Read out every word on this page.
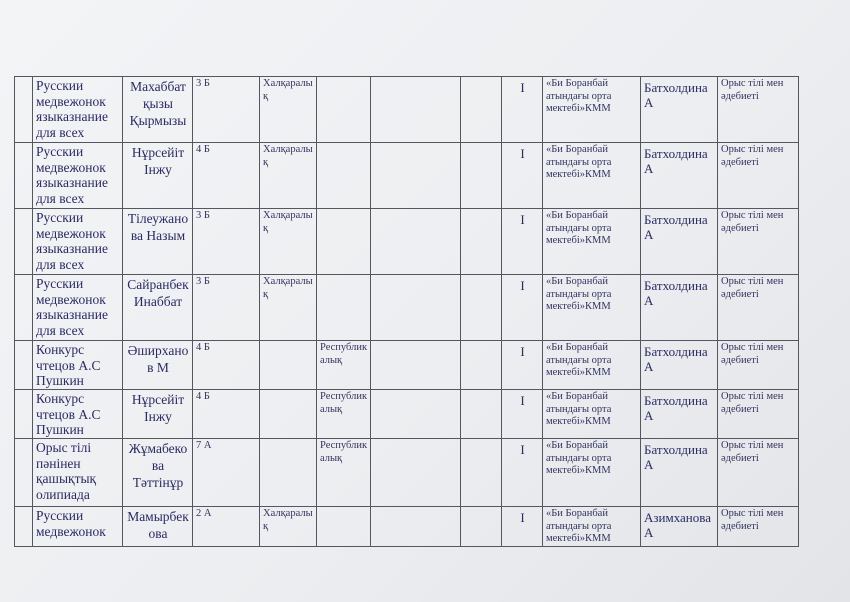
	Русскии медвежонок языказнание для всех	Махаббат қызы Қырмызы	3 Б	Халқаралық				I	«Би Боранбай атындағы орта мектебі»КММ	Батхолдина А	Орыс тілі мен әдебиеті
	Русскии медвежонок языказнание для всех	Нұрсейіт Інжу	4 Б	Халқаралық				I	«Би Боранбай атындағы орта мектебі»КММ	Батхолдина А	Орыс тілі мен әдебиеті
	Русскии медвежонок языказнание для всех	Тілеужанова Назым	3 Б	Халқаралық				I	«Би Боранбай атындағы орта мектебі»КММ	Батхолдина А	Орыс тілі мен әдебиеті
	Русскии медвежонок языказнание для всех	Сайранбек Инаббат	3 Б	Халқаралық				I	«Би Боранбай атындағы орта мектебі»КММ	Батхолдина А	Орыс тілі мен әдебиеті
	Конкурс чтецов А.С Пушкин	Әширханов М	4 Б		Республикалық			I	«Би Боранбай атындағы орта мектебі»КММ	Батхолдина А	Орыс тілі мен әдебиеті
	Конкурс чтецов А.С Пушкин	Нұрсейіт Інжу	4 Б		Республикалық			I	«Би Боранбай атындағы орта мектебі»КММ	Батхолдина А	Орыс тілі мен әдебиеті
	Орыс тілі пәнінен қашықтық олипиада	Жұмабекова Тәттінұр	7 А		Республикалық			I	«Би Боранбай атындағы орта мектебі»КММ	Батхолдина А	Орыс тілі мен әдебиеті
	Русскии медвежонок	Мамырбекова	2 А	Халқаралық				I	«Би Боранбай атындағы орта мектебі»КММ	Азимханова А	Орыс тілі мен әдебиеті
